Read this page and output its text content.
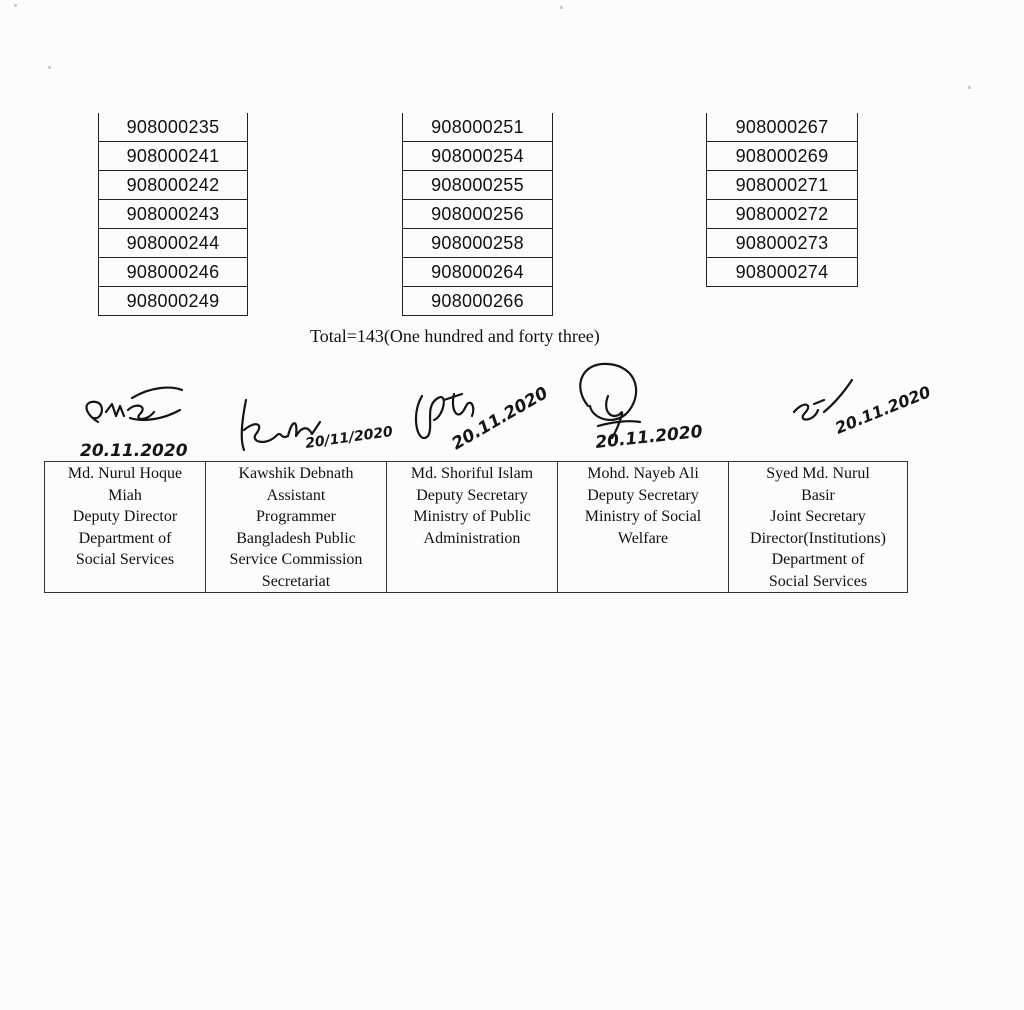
908000235
908000241
908000242
908000243
908000244
908000246
908000249
908000251
908000254
908000255
908000256
908000258
908000264
908000266
908000267
908000269
908000271
908000272
908000273
908000274
Total=143(One hundred and forty three)
20.11.2020	20/11/2020	20.11.2020	20.11.2020	20.11.2020
Md. Nurul Hoque
Miah
Deputy Director
Department of
Social Services

Kawshik Debnath
Assistant
Programmer
Bangladesh Public
Service Commission
Secretariat

Md. Shoriful Islam
Deputy Secretary
Ministry of Public
Administration

Mohd. Nayeb Ali
Deputy Secretary
Ministry of Social
Welfare

Syed Md. Nurul
Basir
Joint Secretary
Director(Institutions)
Department of
Social Services
